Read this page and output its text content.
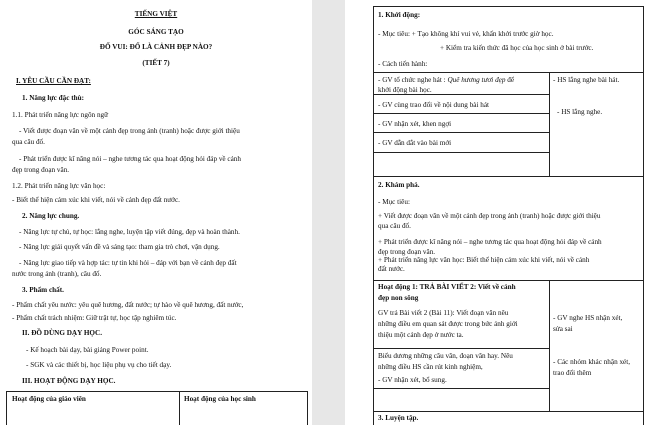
TIẾNG VIỆT
GÓC SÁNG TẠO
ĐỐ VUI: ĐỐ LÀ CẢNH ĐẸP NÀO?
(TIẾT 7)
I. YÊU CẦU CẦN ĐẠT:
1. Năng lực đặc thù:
1.1. Phát triển năng lực ngôn ngữ
- Viết được đoạn văn về một cảnh đẹp trong ảnh (tranh) hoặc được giới thiệu
qua câu đố.
- Phát triển được kĩ năng nói – nghe tương tác qua hoạt động hỏi đáp về cảnh
đẹp trong đoạn văn.
1.2. Phát triển năng lực văn học:
- Biết thể hiện cảm xúc khi viết, nói về cảnh đẹp đất nước.
2. Năng lực chung.
- Năng lực tự chủ, tự học: lắng nghe, luyện tập viết đúng, đẹp và hoàn thành.
- Năng lực giải quyết vấn đề và sáng tạo: tham gia trò chơi, vận dụng.
- Năng lực giao tiếp và hợp tác: tự tin khi hỏi – đáp với bạn về cảnh đẹp đất
nước trong ảnh (tranh), câu đố.
3. Phẩm chất.
- Phẩm chất yêu nước: yêu quê hương, đất nước; tự hào về quê hương, đất nước,
- Phẩm chất trách nhiệm: Giữ trật tự, học tập nghiêm túc.
II. ĐỒ DÙNG DẠY HỌC.
- Kế hoạch bài dạy, bài giảng Power point.
- SGK và các thiết bị, học liệu phụ vụ cho tiết dạy.
III. HOẠT ĐỘNG DẠY HỌC.
Hoạt động của giáo viên	Hoạt động của học sinh
1. Khởi động:
- Mục tiêu: + Tạo không khí vui vẻ, khấn khởi trước giờ học.
+ Kiểm tra kiến thức đã học của học sinh ở bài trước.
- Cách tiến hành:
- GV tổ chức nghe hát : Quê hương tươi đẹp để
khởi động bài học.
- HS lắng nghe bài hát.
- HS lắng nghe.
- GV cùng trao đổi về nội dung bài hát
- GV nhận xét, khen ngợi
- GV dẫn dắt vào bài mới
2. Khám phá.
- Mục tiêu:
+ Viết được đoạn văn về một cảnh đẹp trong ảnh (tranh) hoặc được giới thiệu
qua câu đố.
+ Phát triển được kĩ năng nói – nghe tương tác qua hoạt động hỏi đáp về cảnh
đẹp trong đoạn văn.
+ Phát triển năng lực văn học: Biết thể hiện cảm xúc khi viết, nói về cảnh
đất nước.
Hoạt động 1: TRẢ BÀI VIẾT 2: Viết về cảnh
đẹp non sông
GV trả Bài viết 2 (Bài 11): Viết đoạn văn nêu
những điều em quan sát được trong bức ảnh giới
thiệu một cảnh đẹp ở nước ta.
- GV nghe HS nhận xét,
sửa sai
Biểu dương những câu văn, đoạn văn hay. Nêu
những điều HS cần rút kinh nghiệm,
- Các nhóm khác nhận xét,
trao đổi thêm
- GV nhận xét, bổ sung.
3. Luyện tập.
